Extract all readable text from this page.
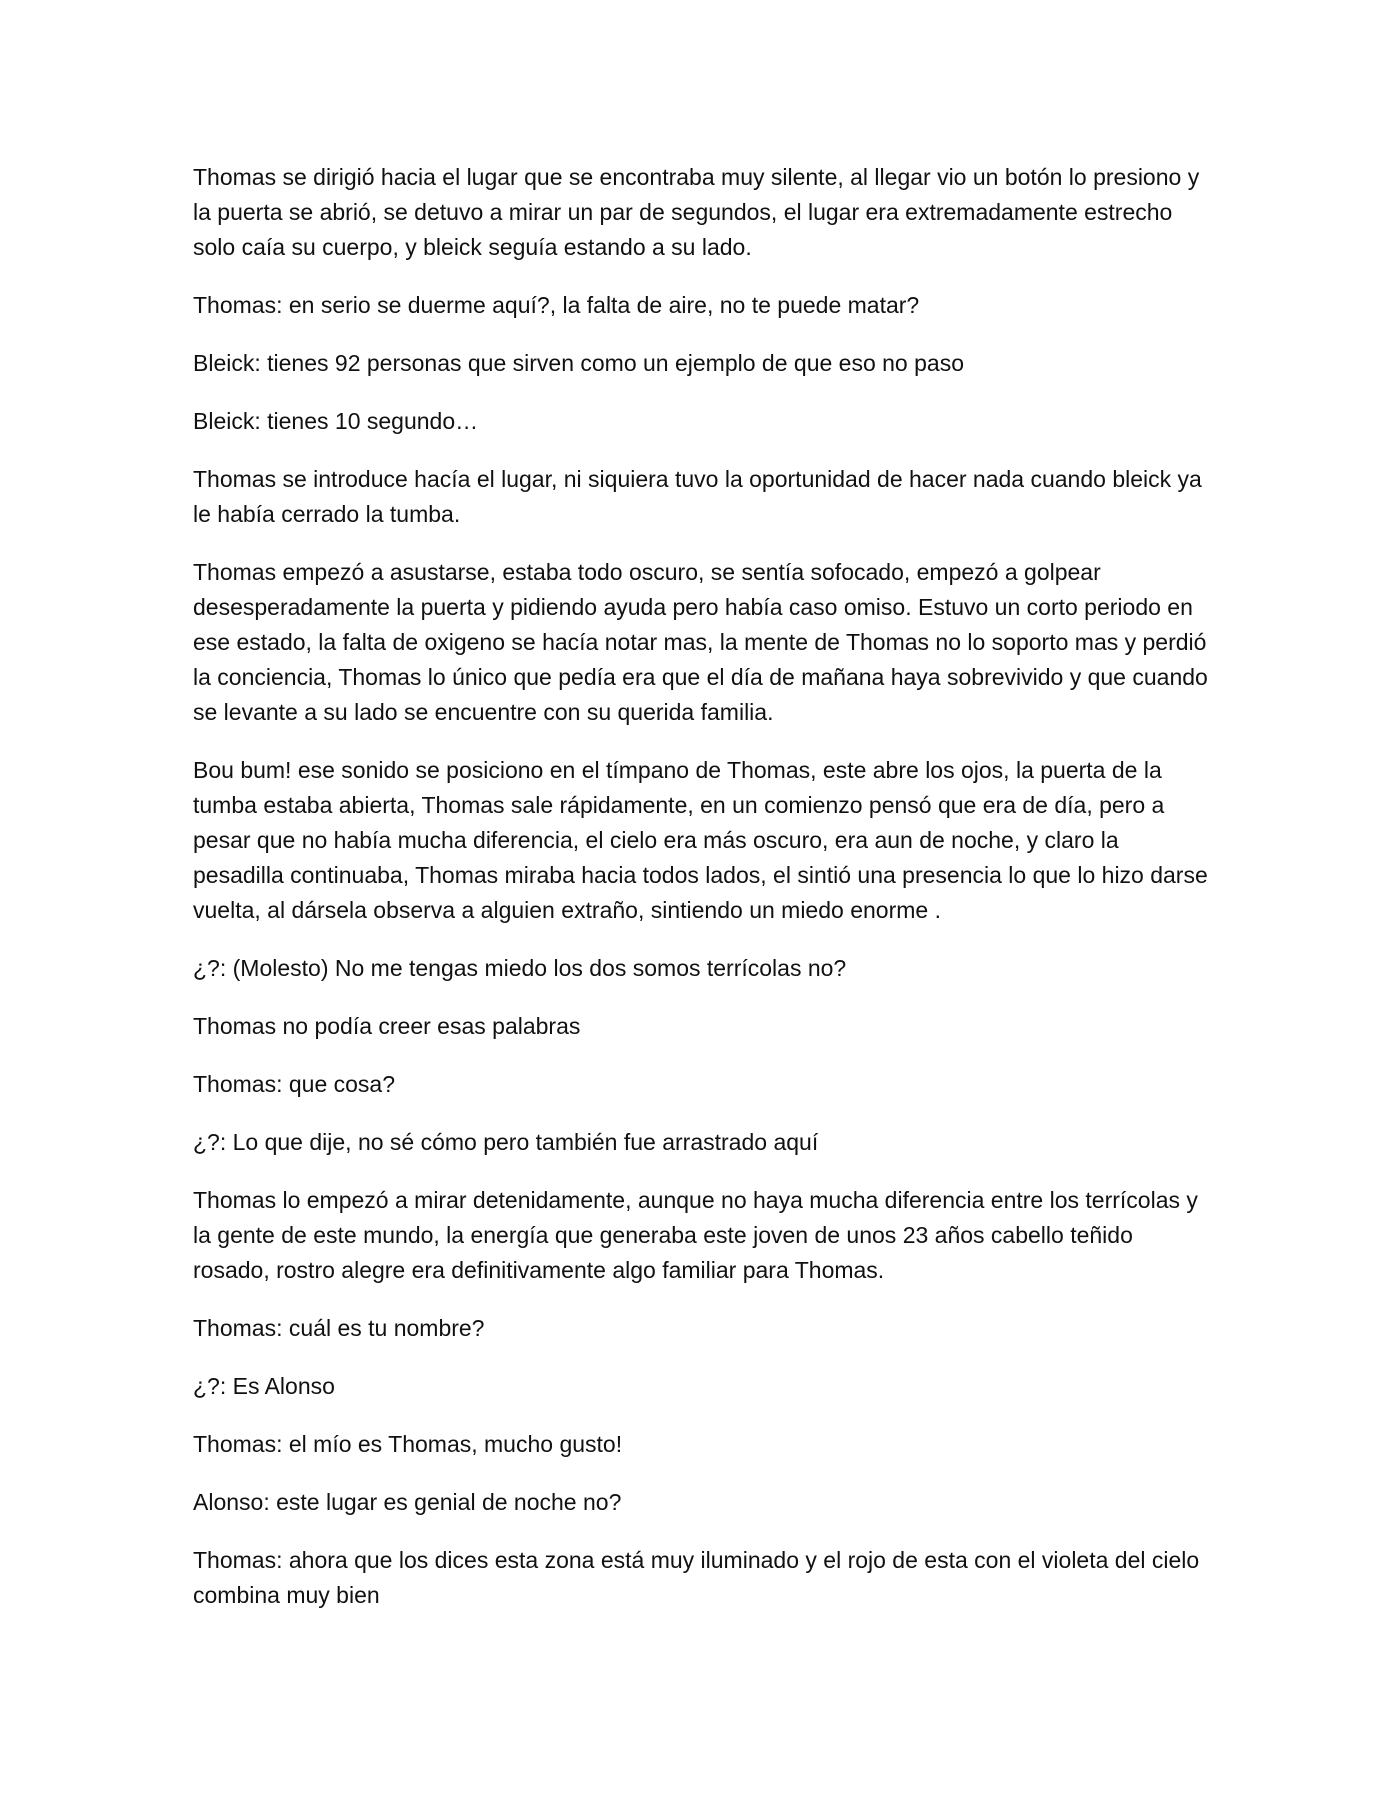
Thomas se dirigió hacia el lugar que se encontraba muy silente, al llegar vio un botón lo presiono y la puerta se abrió, se detuvo a mirar un par de segundos, el lugar era extremadamente estrecho solo caía su cuerpo, y bleick seguía estando a su lado.

Thomas: en serio se duerme aquí?, la falta de aire, no te puede matar?

Bleick: tienes 92 personas que sirven como un ejemplo de que eso no paso

Bleick: tienes 10 segundo…

Thomas se introduce hacía el lugar, ni siquiera tuvo la oportunidad de hacer nada cuando bleick ya le había cerrado la tumba.

Thomas empezó a asustarse, estaba todo oscuro, se sentía sofocado, empezó a golpear desesperadamente la puerta y pidiendo ayuda pero había caso omiso. Estuvo un corto periodo en ese estado, la falta de oxigeno se hacía notar mas, la mente de Thomas no lo soporto mas y perdió la conciencia, Thomas lo único que pedía era que el día de mañana haya sobrevivido y que cuando se levante a su lado se encuentre con su querida familia.

Bou bum! ese sonido se posiciono en el tímpano de Thomas, este abre los ojos, la puerta de la tumba estaba abierta, Thomas sale rápidamente, en un comienzo pensó que era de día, pero a pesar que no había mucha diferencia, el cielo era más oscuro, era aun de noche, y claro la pesadilla continuaba, Thomas miraba hacia todos lados, el sintió una presencia lo que lo hizo darse vuelta, al dársela observa a alguien extraño, sintiendo un miedo enorme .

¿?: (Molesto) No me tengas miedo los dos somos terrícolas no?

Thomas no podía creer esas palabras

Thomas: que cosa?

¿?: Lo que dije, no sé cómo pero también fue arrastrado aquí

Thomas lo empezó a mirar detenidamente, aunque no haya mucha diferencia entre los terrícolas y la gente de este mundo, la energía que generaba este joven de unos 23 años cabello teñido rosado, rostro alegre era definitivamente algo familiar para Thomas.

Thomas: cuál es tu nombre?

¿?: Es Alonso

Thomas: el mío es Thomas, mucho gusto!

Alonso: este lugar es genial de noche no?

Thomas: ahora que los dices esta zona está muy iluminado y el rojo de esta con el violeta del cielo combina muy bien
